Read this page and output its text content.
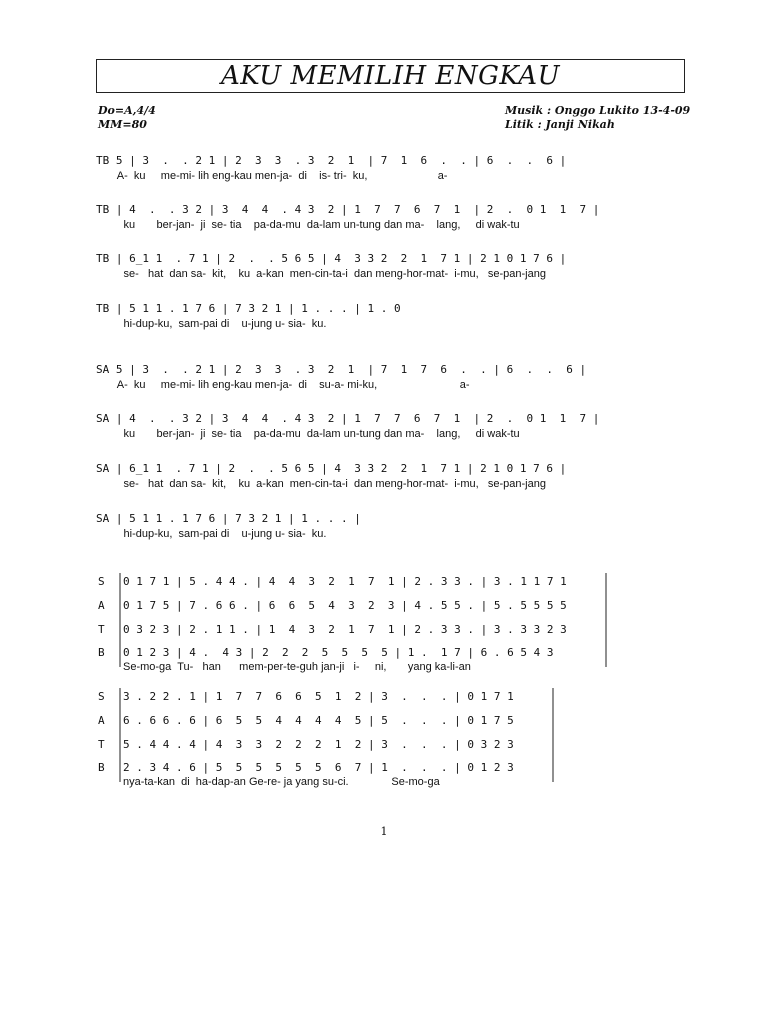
AKU MEMILIH ENGKAU
Do=A,4/4
MM=80
Musik : Onggo Lukito 13-4-09
Litik : Janji Nikah
TB 5 | 3  .  . 2 1 | 2  3  3  . 3  2  1  | 7  1  6  .  . | 6  .  .  6 |
A-  ku     me-mi- lih eng-kau men-ja-  di    is- tri-  ku,                       a-
TB | 4  .  . 3 2 | 3  4  4  . 4 3  2 | 1  7  7  6  7  1  | 2  .  0 1  1  7 |
ku       ber-jan-  ji  se- tia    pa-da-mu  da-lam un-tung dan ma-    lang,     di wak-tu
TB | 6_1 1  . 7 1 | 2  .  . 5 6 5 | 4  3 3 2  2  1  7 1 | 2 1 0 1 7 6 |
se-   hat  dan sa-  kit,    ku  a-kan  men-cin-ta-i  dan meng-hor-mat-  i-mu,   se-pan-jang
TB | 5 1 1 . 1 7 6 | 7 3 2 1 | 1 . . . | 1 . 0
hi-dup-ku,  sam-pai di    u-jung u- sia-  ku.
SA 5 | 3  .  . 2 1 | 2  3  3  . 3  2  1  | 7  1  7  6  .  . | 6  .  .  6 |
A-  ku     me-mi- lih eng-kau men-ja-  di    su-a- mi-ku,                           a-
SA | 4  .  . 3 2 | 3  4  4  . 4 3  2 | 1  7  7  6  7  1  | 2  .  0 1  1  7 |
ku       ber-jan-  ji  se- tia    pa-da-mu  da-lam un-tung dan ma-    lang,     di wak-tu
SA | 6_1 1  . 7 1 | 2  .  . 5 6 5 | 4  3 3 2  2  1  7 1 | 2 1 0 1 7 6 |
se-   hat  dan sa-  kit,    ku  a-kan  men-cin-ta-i  dan meng-hor-mat-  i-mu,   se-pan-jang
SA | 5 1 1 . 1 7 6 | 7 3 2 1 | 1 . . . |
hi-dup-ku,  sam-pai di    u-jung u- sia-  ku.
S 0 1 7 1 | 5 . 4 4 . | 4  4  3  2  1  7  1 | 2 . 3 3 . | 3 . 1 1 7 1
A 0 1 7 5 | 7 . 6 6 . | 6  6  5  4  3  2  3 | 4 . 5 5 . | 5 . 5 5 5 5
T 0 3 2 3 | 2 . 1 1 . | 1  4  3  2  1  7  1 | 2 . 3 3 . | 3 . 3 3 2 3
B 0 1 2 3 | 4 .  4 3 | 2  2  2  5  5  5  5 | 1 .  1 7 | 6 . 6 5 4 3
Se-mo-ga  Tu-   han      mem-per-te-guh jan-ji   i-     ni,       yang ka-li-an
S 3 . 2 2 . 1 | 1  7  7  6  6  5  1  2 | 3  .  .  . | 0 1 7 1
A 6 . 6 6 . 6 | 6  5  5  4  4  4  4  5 | 5  .  .  . | 0 1 7 5
T 5 . 4 4 . 4 | 4  3  3  2  2  2  1  2 | 3  .  .  . | 0 3 2 3
B 2 . 3 4 . 6 | 5  5  5  5  5  5  6  7 | 1  .  .  . | 0 1 2 3
nya-ta-kan  di  ha-dap-an Ge-re- ja yang su-ci.              Se-mo-ga
1
